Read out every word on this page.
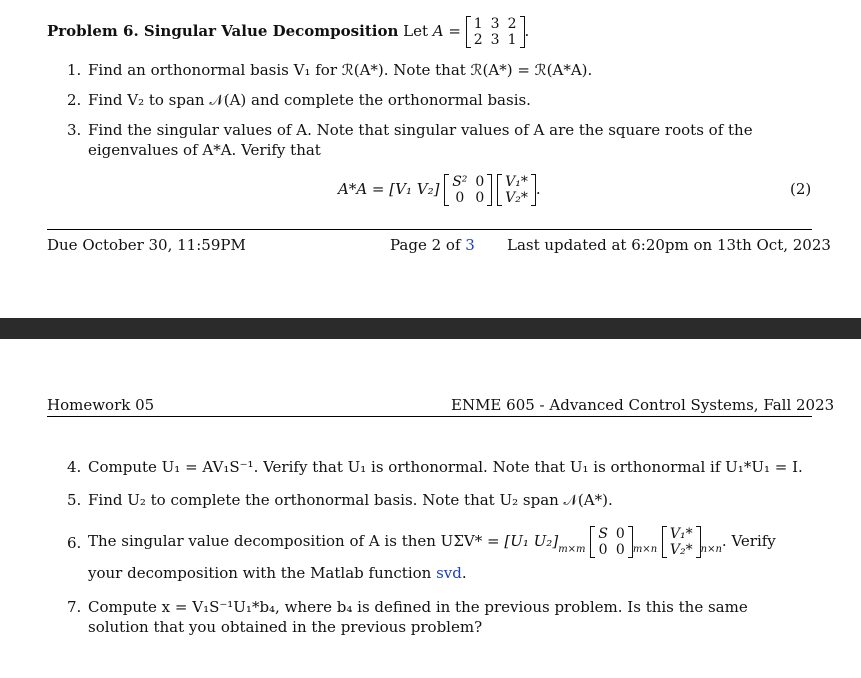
Problem 6. Singular Value Decomposition Let A = 1	3	2
2	3	1 .
1. Find an orthonormal basis V₁ for ℛ(A*). Note that ℛ(A*) = ℛ(A*A).
2. Find V₂ to span 𝒩(A) and complete the orthonormal basis.
3. Find the singular values of A. Note that singular values of A are the square roots of the eigenvalues of A*A. Verify that
A*A = [V₁ V₂] S²	0
0	0

V₁*
V₂* .	(2)
Due October 30, 11:59PM	Page 2 of 3 Last updated at 6:20pm on 13th Oct, 2023
Homework 05	ENME 605 - Advanced Control Systems, Fall 2023
4. Compute U₁ = AV₁S⁻¹. Verify that U₁ is orthonormal. Note that U₁ is orthonormal if U₁*U₁ = I.
5. Find U₂ to complete the orthonormal basis. Note that U₂ span 𝒩(A*).
6. The singular value decomposition of A is then UΣV* = [U₁ $U_2]_{m\times m}$
S	0
0	0 $_{m\times n}$
V₁*
V₂* $_{n\times n}$. Verify
your decomposition with the Matlab function svd.
7. Compute x = V₁S⁻¹U₁*b₄, where b₄ is defined in the previous problem. Is this the same solution that you obtained in the previous problem?
